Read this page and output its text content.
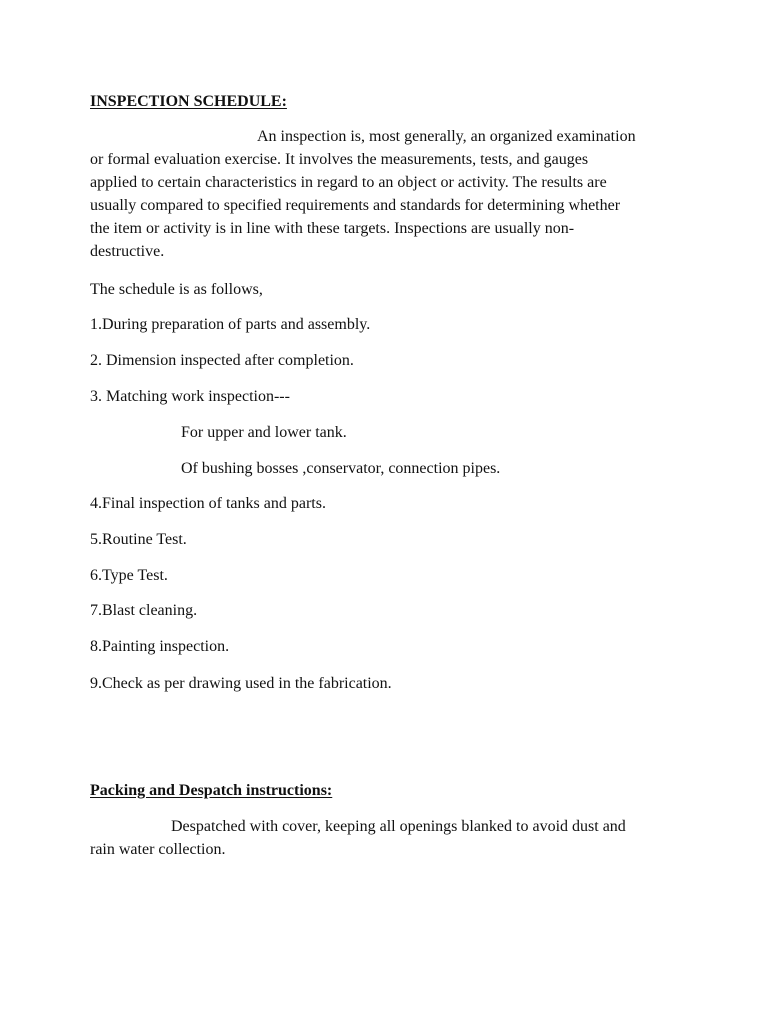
INSPECTION SCHEDULE:
An inspection is, most generally, an organized examination
or formal evaluation exercise. It involves the measurements, tests, and gauges
applied to certain characteristics in regard to an object or activity. The results are
usually compared to specified requirements and standards for determining whether
the item or activity is in line with these targets. Inspections are usually non-
destructive.
The schedule is as follows,
1.During preparation of parts and assembly.
2. Dimension inspected after completion.
3. Matching work inspection---
For upper and lower tank.
Of bushing bosses ,conservator, connection pipes.
4.Final inspection of tanks and parts.
5.Routine Test.
6.Type Test.
7.Blast cleaning.
8.Painting inspection.
9.Check as per drawing used in the fabrication.
Packing and Despatch instructions:
Despatched with cover, keeping all openings blanked to avoid dust and
rain water collection.
